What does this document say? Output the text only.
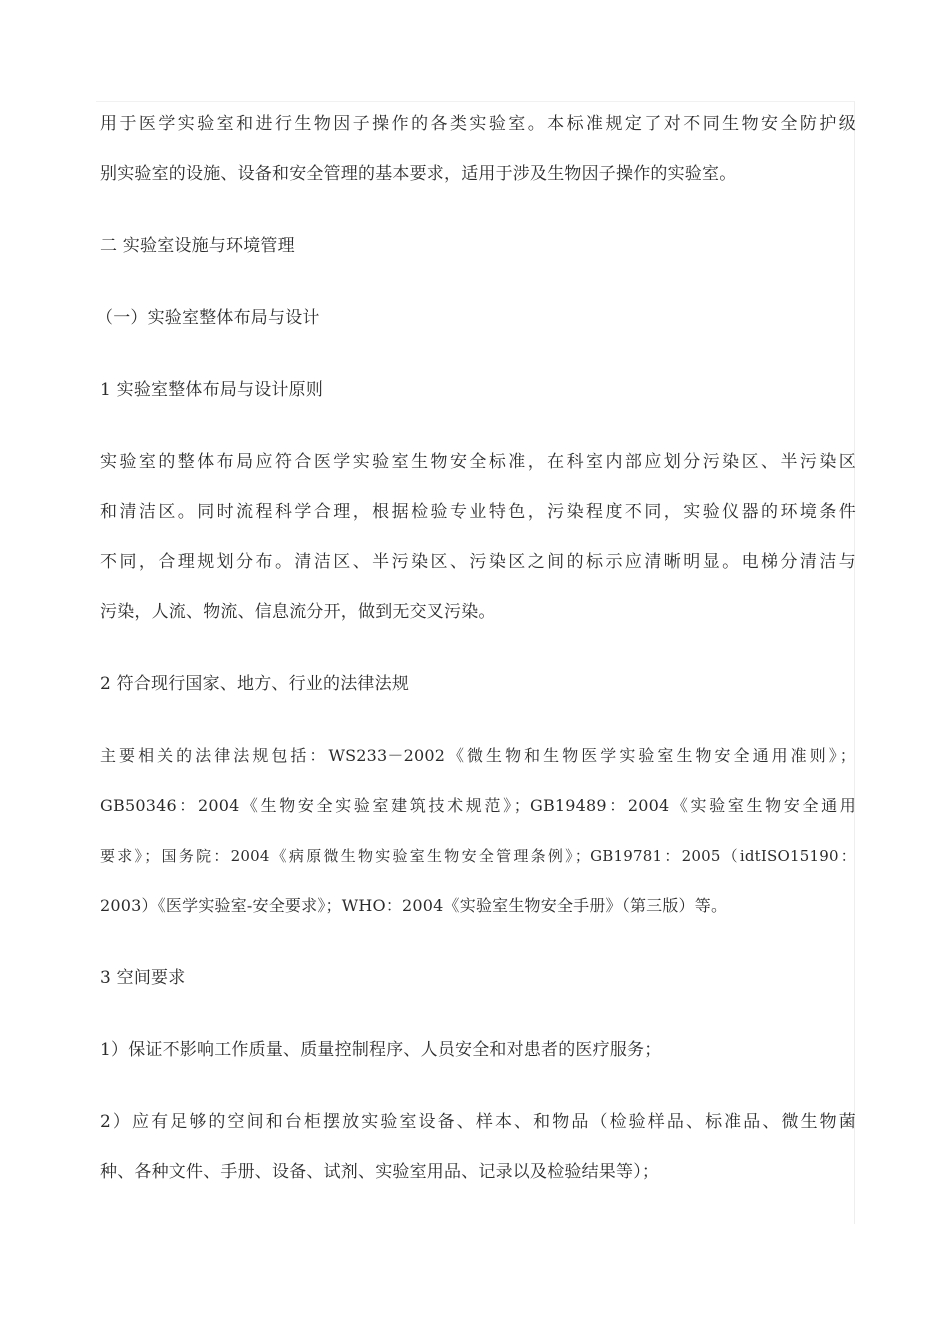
用于医学实验室和进行生物因子操作的各类实验室。本标准规定了对不同生物安全防护级
别实验室的设施、设备和安全管理的基本要求，适用于涉及生物因子操作的实验室。
二 实验室设施与环境管理
（一）实验室整体布局与设计
1 实验室整体布局与设计原则
实验室的整体布局应符合医学实验室生物安全标准，在科室内部应划分污染区、半污染区
和清洁区。同时流程科学合理，根据检验专业特色，污染程度不同，实验仪器的环境条件
不同，合理规划分布。清洁区、半污染区、污染区之间的标示应清晰明显。电梯分清洁与
污染，人流、物流、信息流分开，做到无交叉污染。
2 符合现行国家、地方、行业的法律法规
主要相关的法律法规包括：WS233－2002《微生物和生物医学实验室生物安全通用准则》；
GB50346：2004《生物安全实验室建筑技术规范》；GB19489：2004《实验室生物安全通用
要求》；国务院：2004《病原微生物实验室生物安全管理条例》；GB19781：2005（idtISO15190：
2003）《医学实验室-安全要求》；WHO：2004《实验室生物安全手册》（第三版）等。
3 空间要求
1）保证不影响工作质量、质量控制程序、人员安全和对患者的医疗服务；
2）应有足够的空间和台柜摆放实验室设备、样本、和物品（检验样品、标准品、微生物菌
种、各种文件、手册、设备、试剂、实验室用品、记录以及检验结果等）；
